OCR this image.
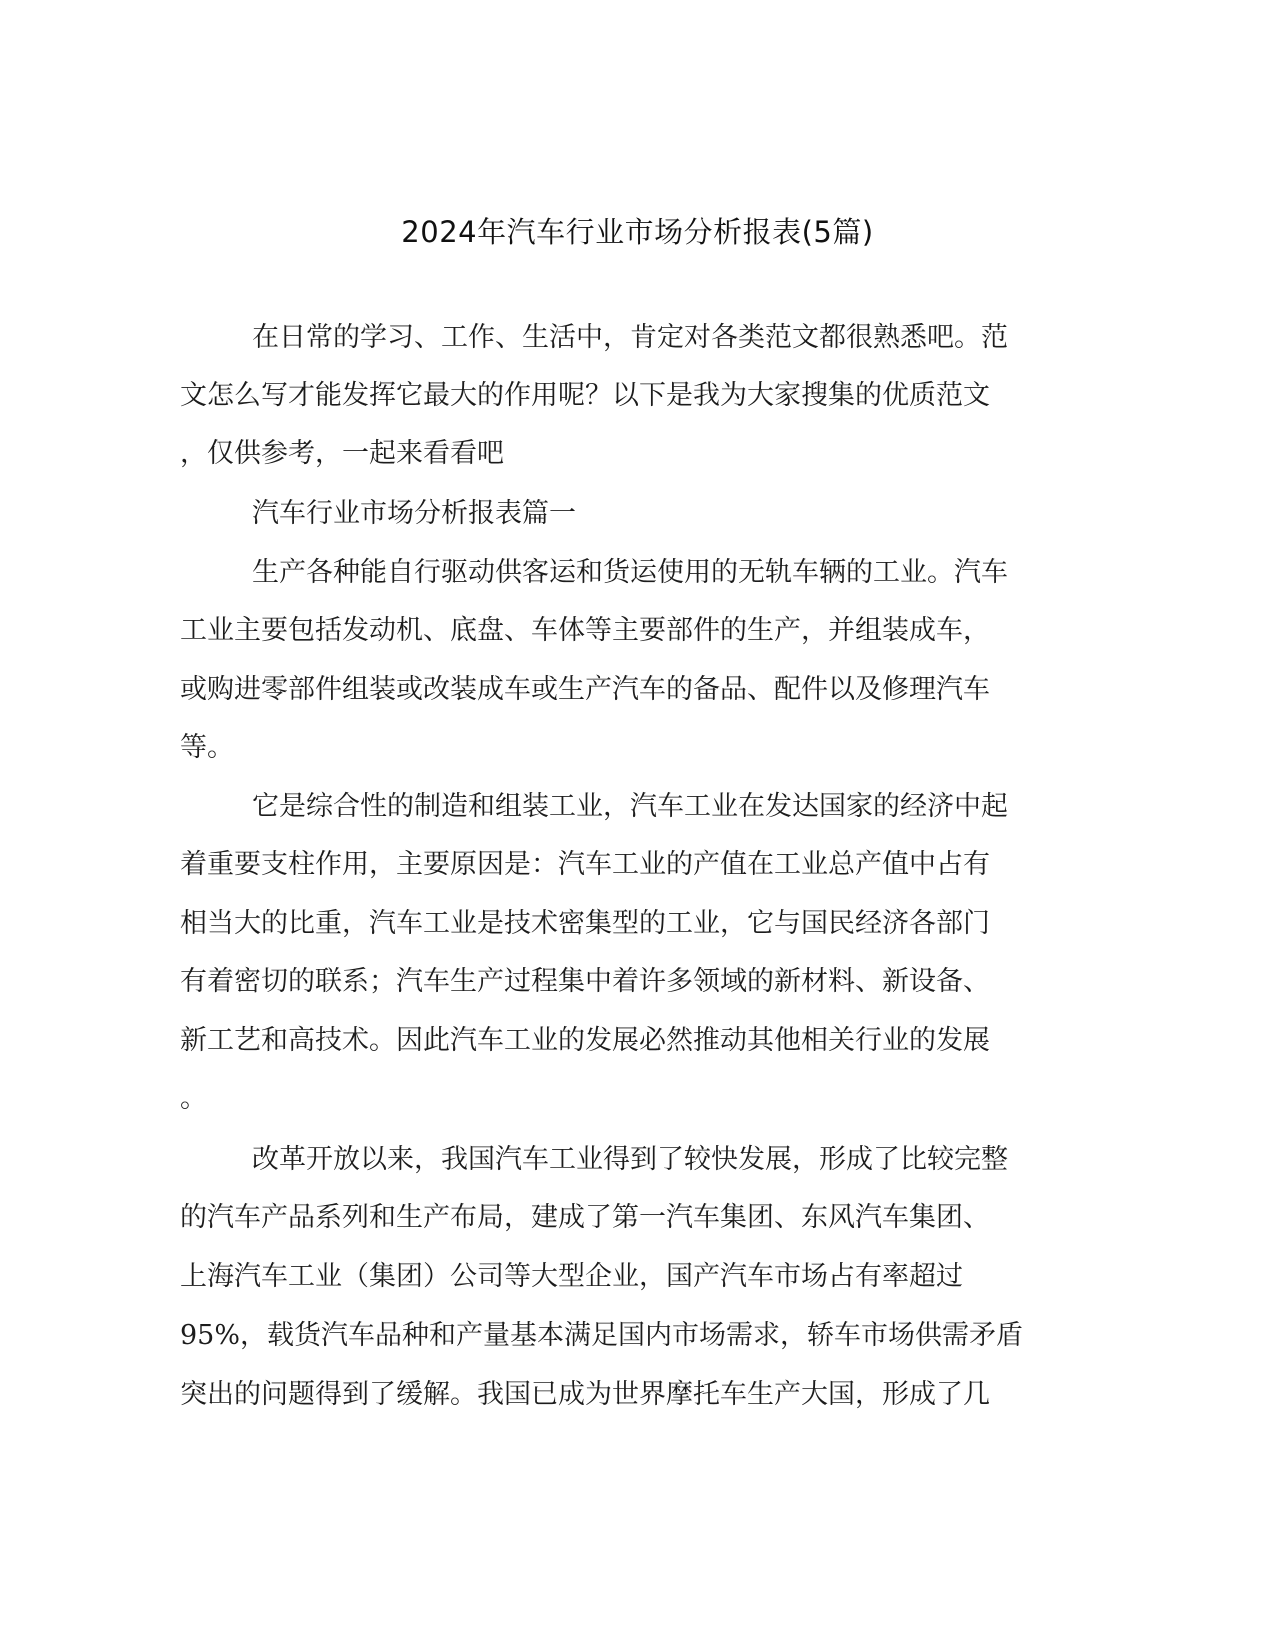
2024年汽车行业市场分析报表(5篇)
在日常的学习、工作、生活中，肯定对各类范文都很熟悉吧。范
文怎么写才能发挥它最大的作用呢？以下是我为大家搜集的优质范文
，仅供参考，一起来看看吧
汽车行业市场分析报表篇一
生产各种能自行驱动供客运和货运使用的无轨车辆的工业。汽车
工业主要包括发动机、底盘、车体等主要部件的生产，并组装成车，
或购进零部件组装或改装成车或生产汽车的备品、配件以及修理汽车
等。
它是综合性的制造和组装工业，汽车工业在发达国家的经济中起
着重要支柱作用，主要原因是：汽车工业的产值在工业总产值中占有
相当大的比重，汽车工业是技术密集型的工业，它与国民经济各部门
有着密切的联系；汽车生产过程集中着许多领域的新材料、新设备、
新工艺和高技术。因此汽车工业的发展必然推动其他相关行业的发展
。
改革开放以来，我国汽车工业得到了较快发展，形成了比较完整
的汽车产品系列和生产布局，建成了第一汽车集团、东风汽车集团、
上海汽车工业（集团）公司等大型企业，国产汽车市场占有率超过
95%，载货汽车品种和产量基本满足国内市场需求，轿车市场供需矛盾
突出的问题得到了缓解。我国已成为世界摩托车生产大国，形成了几
